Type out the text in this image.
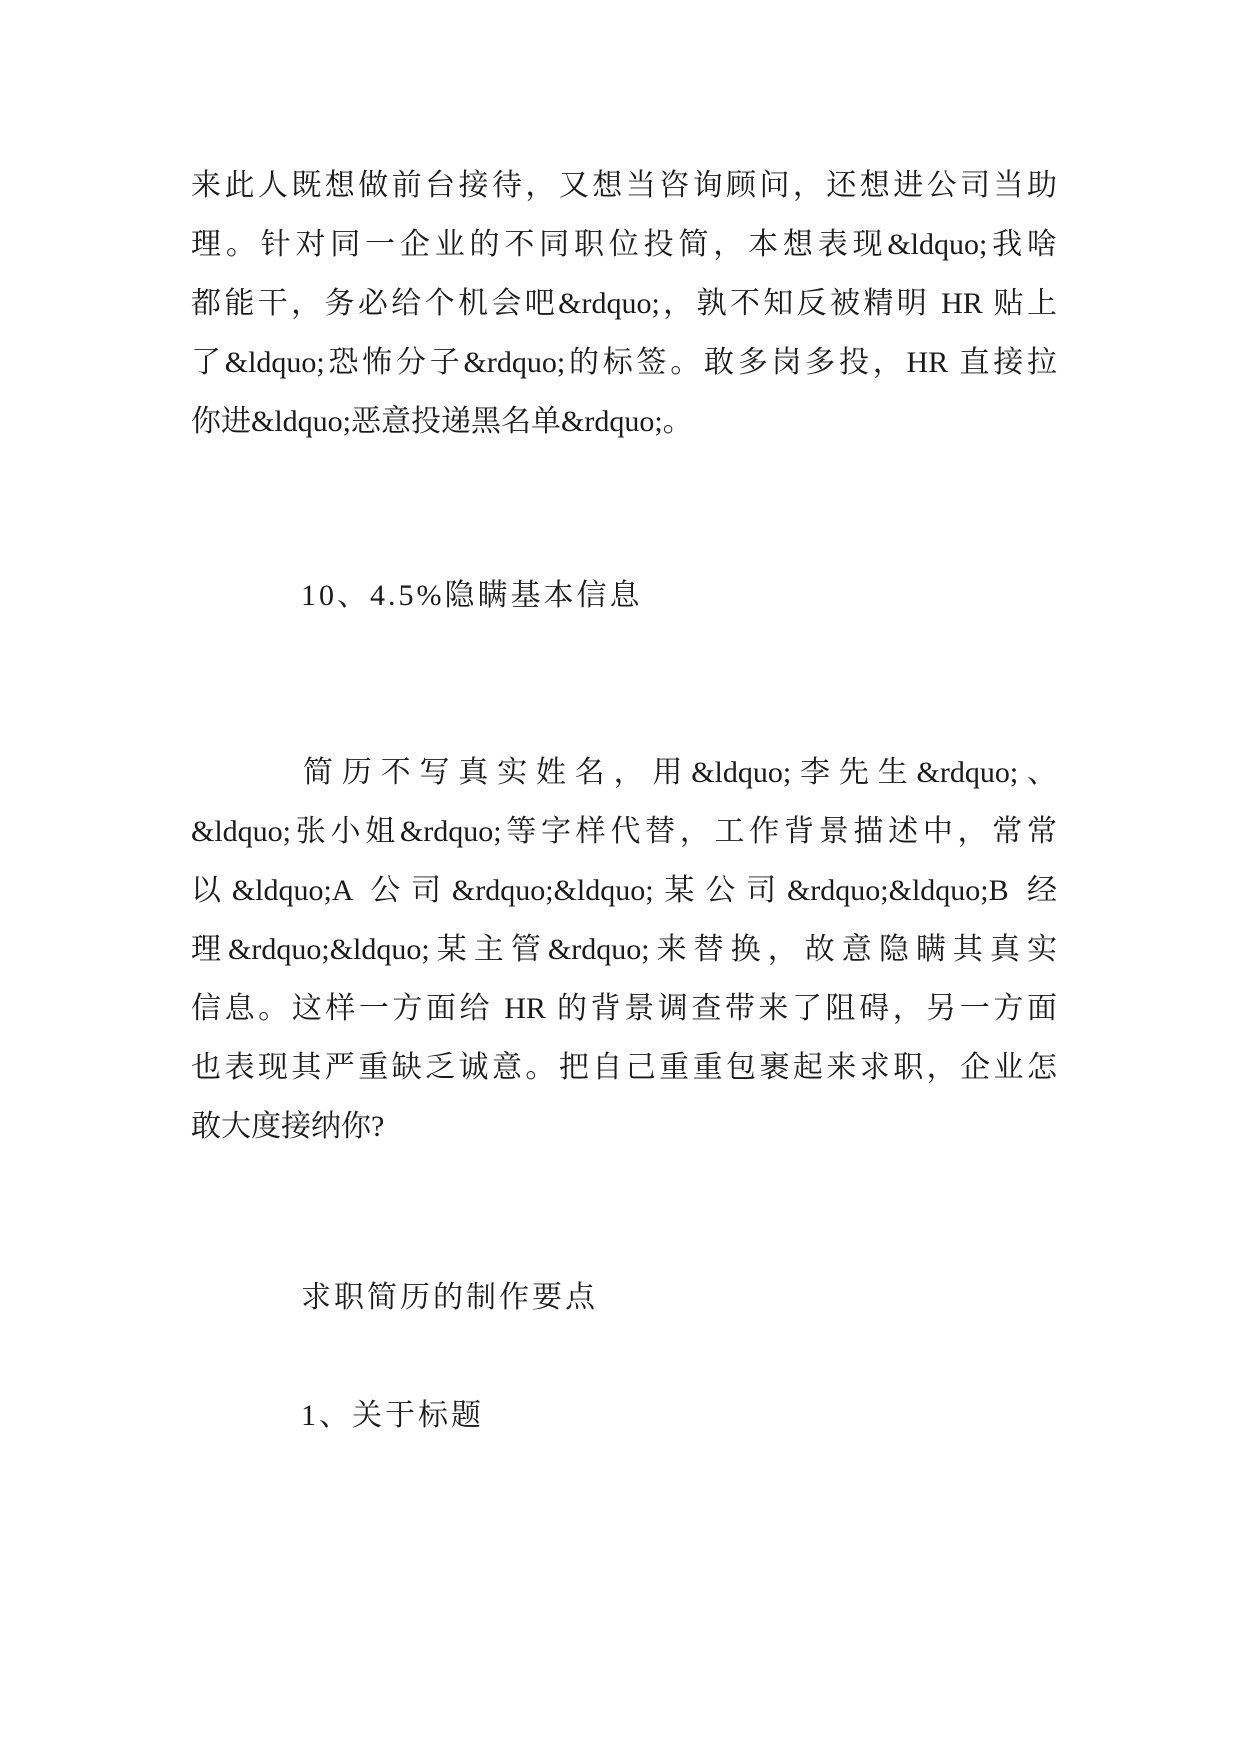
来此人既想做前台接待，又想当咨询顾问，还想进公司当助
理。针对同一企业的不同职位投简，本想表现&ldquo;我啥
都能干，务必给个机会吧&rdquo;，孰不知反被精明 HR 贴上
了&ldquo;恐怖分子&rdquo;的标签。敢多岗多投，HR 直接拉
你进&ldquo;恶意投递黑名单&rdquo;。
10、4.5%隐瞒基本信息
简历不写真实姓名，用&ldquo;李先生&rdquo;、
&ldquo;张小姐&rdquo;等字样代替，工作背景描述中，常常
以&ldquo;A 公司&rdquo;&ldquo;某公司&rdquo;&ldquo;B 经
理&rdquo;&ldquo;某主管&rdquo;来替换，故意隐瞒其真实
信息。这样一方面给 HR 的背景调查带来了阻碍，另一方面
也表现其严重缺乏诚意。把自己重重包裹起来求职，企业怎
敢大度接纳你?
求职简历的制作要点
1、关于标题
